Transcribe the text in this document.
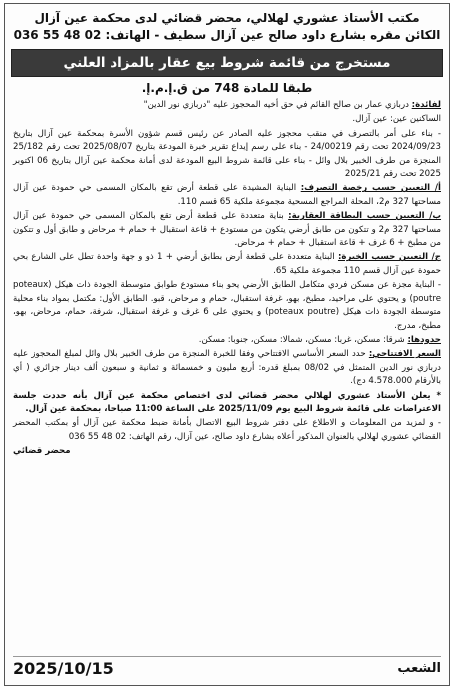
مكتب الأستاذ عشوري لهلالي، محضر قضائي لدى محكمة عين آزال
الكائن مقره بشارع داود صالح عين آزال سطيف - الهاتف: 02 48 55 036
مستخرج من قائمة شروط بيع عقار بالمزاد العلني
طبقا للمادة 748 من ق.إ.م.إ.

لفائدة: دربازي عمار بن صالح القائم في حق أخيه المحجوز عليه "دربازي نور الدين"

الساكنين عين: عين آزال.

- بناء على أمر بالتصرف في منقب محجوز عليه الصادر عن رئيس قسم شؤون الأسرة بمحكمة عين آزال بتاريخ 2024/09/23 تحت رقم 24/00219 - بناء على رسم إيداع تقرير خبرة المودعة بتاريخ 2025/08/07 تحت رقم 25/182 المنجزة من طرف الخبير بلال وائل - بناء على قائمة شروط البيع المودعة لدى أمانة محكمة عين آزال بتاريخ 06 اكتوبر 2025 تحت رقم 2025/21

أ/ التعيين حسب رخصة التصرف: البناية المشيدة على قطعة أرض تقع بالمكان المسمى حي حمودة عين آزال مساحتها 327 م2، المحلة المراجع المسحية مجموعة ملكية 65 قسم 110.

ب/ التعيين حسب البطاقة العقارية: بناية متعددة على قطعة أرض تقع بالمكان المسمى حي حمودة عين آزال مساحتها 327 م2 و تتكون من طابق أرضي يتكون من مستودع + قاعة استقبال + حمام + مرحاض و طابق أول و تتكون من مطبخ + 6 غرف + قاعة استقبال + حمام + مرحاض.

ج/ التعيين حسب الخبرة: البناية متعددة على قطعة أرض بطابق أرضي + 1 ذو و جهة واحدة تطل على الشارع بحي حمودة عين آزال قسم 110 مجموعة ملكية 65.

- البناية مجزة عن مسكن فردي متكامل الطابق الأرضي يحو بناء مستودع طوابق متوسطة الجودة ذات هيكل (poteaux poutre) و يحتوي على مراحيد، مطبخ، بهو، غرفة استقبال، حمام و مرحاض، قبو. الطابق الأول: مكتمل بمواد بناء محلية متوسطة الجودة ذات هيكل (poteaux poutre) و يحتوي على 6 غرف و غرفة استقبال، شرفة، حمام، مرحاض، بهو، مطبخ، مدرج.

حدودها: شرقا: مسكن، غربا: مسكن، شمالا: مسكن، جنوبا: مسكن.

السعر الافتتاحي: حدد السعر الأساسي الافتتاحي وفقا للخبرة المنجزة من طرف الخبير بلال وائل لمبلغ المحجوز عليه دربازي نور الدين المتمثل في 08/02 بمبلغ قدره: أربع مليون و خمسمائة و ثمانية و سبعون ألف دينار جزائري ( أي بالأرقام 4.578.000 دج).

* يعلن الأستاذ عشوري لهلالي محضر قضائي لدى اختصاص محكمة عين آزال بأنه حددت جلسة الاعتراضات على قائمة شروط البيع يوم 2025/11/09 على الساعة 11:00 صباحا، بمحكمة عين آزال.

- و لمزيد من المعلومات و الاطلاع على دفتر شروط البيع الاتصال بأمانة ضبط محكمة عين آزال أو بمكتب المحضر القضائي عشوري لهلالي بالعنوان المذكور أعلاه بشارع داود صالح، عين آزال، رقم الهاتف: 02 48 55 036

محضر قضائي

الشعب
2025/10/15
